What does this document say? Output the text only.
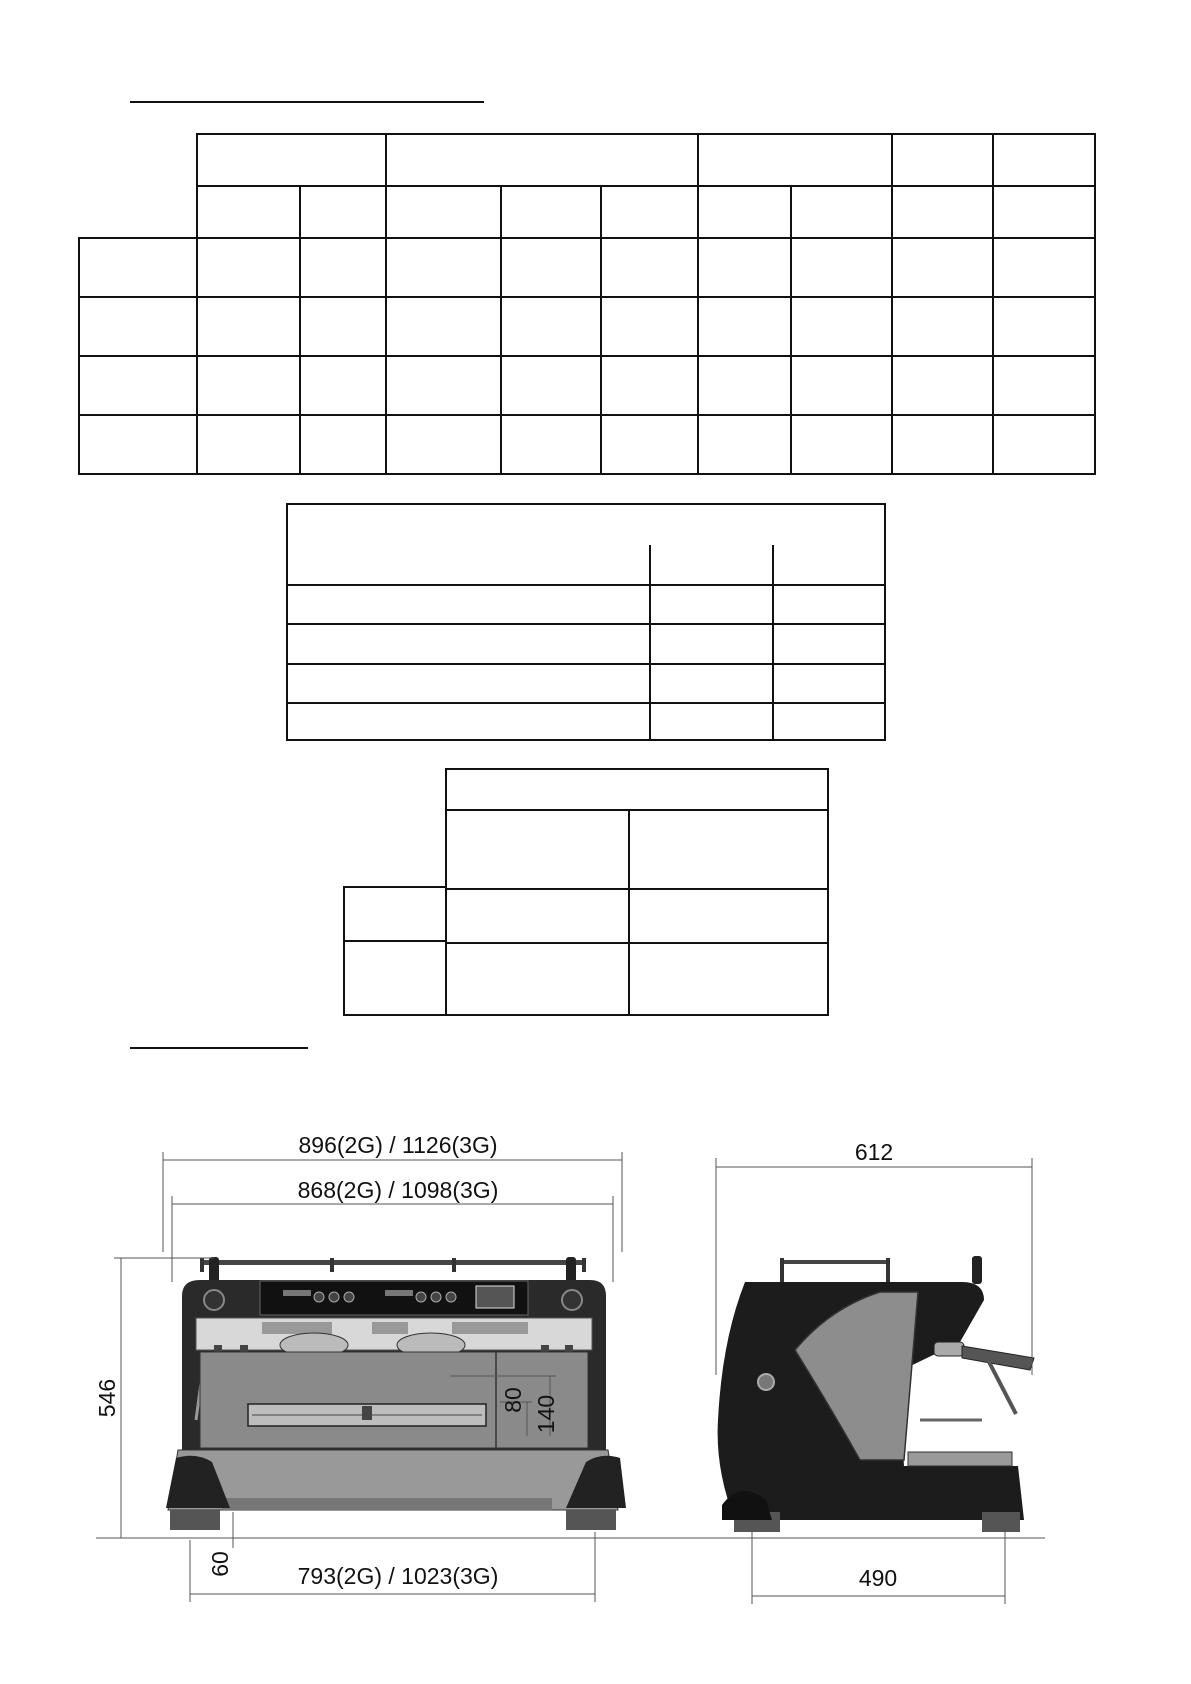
896(2G) / 1126(3G)
868(2G) / 1098(3G)
546
60	793(2G) / 1023(3G)
80 140
612
490
